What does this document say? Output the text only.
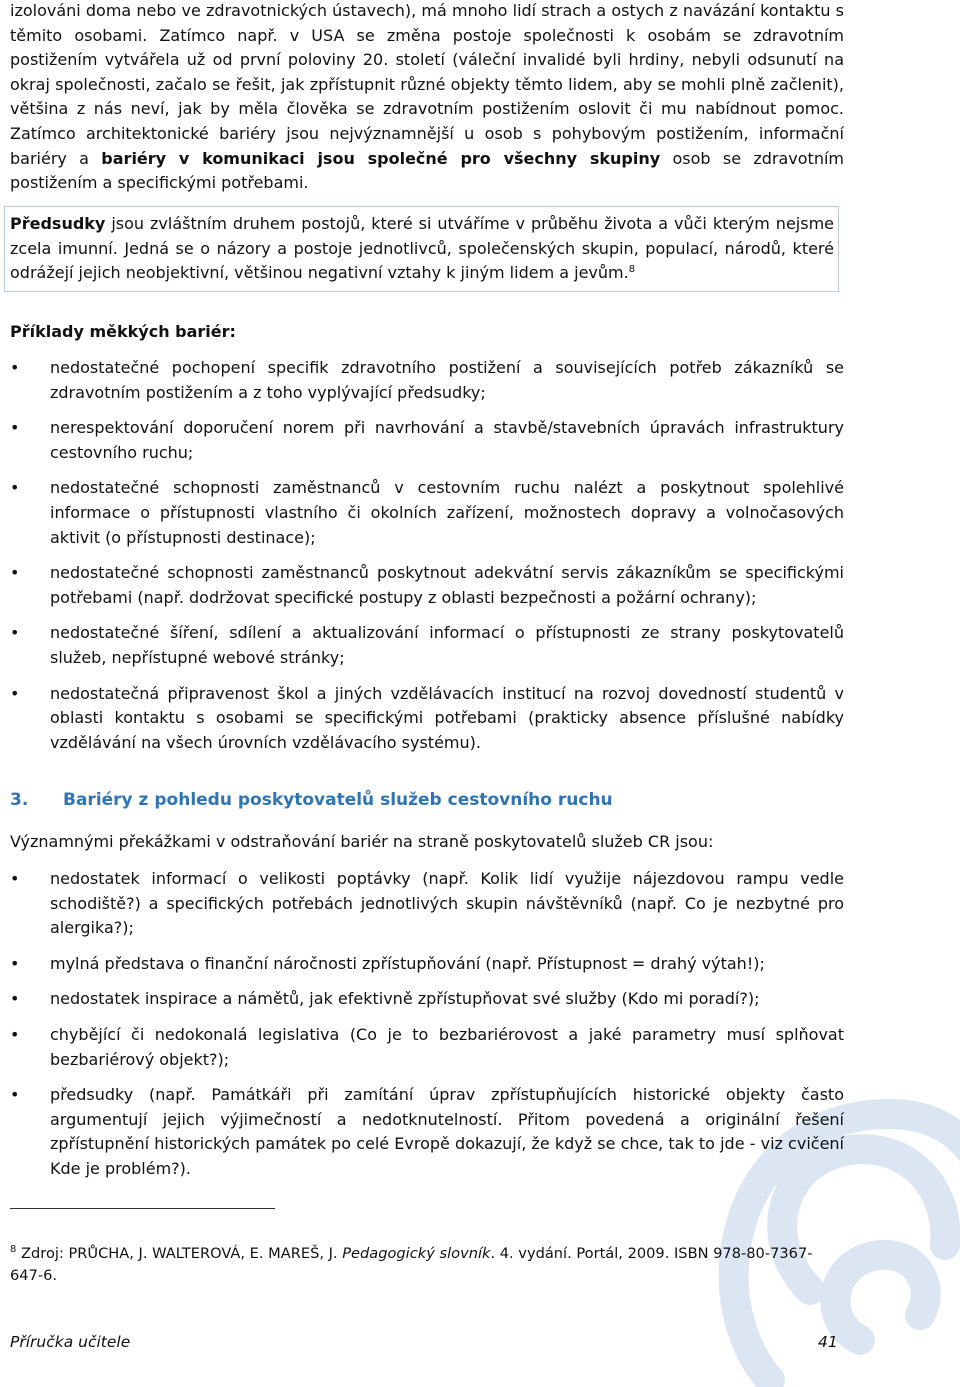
izolováni doma nebo ve zdravotnických ústavech), má mnoho lidí strach a ostych z navázání kontaktu s těmito osobami. Zatímco např. v USA se změna postoje společnosti k osobám se zdravotním postižením vytvářela už od první poloviny 20. století (váleční invalidé byli hrdiny, nebyli odsunutí na okraj společnosti, začalo se řešit, jak zpřístupnit různé objekty těmto lidem, aby se mohli plně začlenit), většina z nás neví, jak by měla člověka se zdravotním postižením oslovit či mu nabídnout pomoc. Zatímco architektonické bariéry jsou nejvýznamnější u osob s pohybovým postižením, informační bariéry a bariéry v komunikaci jsou společné pro všechny skupiny osob se zdravotním postižením a specifickými potřebami.

Předsudky jsou zvláštním druhem postojů, které si utváříme v průběhu života a vůči kterým nejsme zcela imunní. Jedná se o názory a postoje jednotlivců, společenských skupin, populací, národů, které odrážejí jejich neobjektivní, většinou negativní vztahy k jiným lidem a jevům.$^8$
Příklady měkkých bariér:
• nedostatečné pochopení specifik zdravotního postižení a souvisejících potřeb zákazníků se zdravotním postižením a z toho vyplývající předsudky;
• nerespektování doporučení norem při navrhování a stavbě/stavebních úpravách infrastruktury cestovního ruchu;
• nedostatečné schopnosti zaměstnanců v cestovním ruchu nalézt a poskytnout spolehlivé informace o přístupnosti vlastního či okolních zařízení, možnostech dopravy a volnočasových aktivit (o přístupnosti destinace);
• nedostatečné schopnosti zaměstnanců poskytnout adekvátní servis zákazníkům se specifickými potřebami (např. dodržovat specifické postupy z oblasti bezpečnosti a požární ochrany);
• nedostatečné šíření, sdílení a aktualizování informací o přístupnosti ze strany poskytovatelů služeb, nepřístupné webové stránky;
• nedostatečná připravenost škol a jiných vzdělávacích institucí na rozvoj dovedností studentů v oblasti kontaktu s osobami se specifickými potřebami (prakticky absence příslušné nabídky vzdělávání na všech úrovních vzdělávacího systému).
3. Bariéry z pohledu poskytovatelů služeb cestovního ruchu

Významnými překážkami v odstraňování bariér na straně poskytovatelů služeb CR jsou:

• nedostatek informací o velikosti poptávky (např. Kolik lidí využije nájezdovou rampu vedle schodiště?) a specifických potřebách jednotlivých skupin návštěvníků (např. Co je nezbytné pro alergika?);
• mylná představa o finanční náročnosti zpřístupňování (např. Přístupnost = drahý výtah!);
• nedostatek inspirace a námětů, jak efektivně zpřístupňovat své služby (Kdo mi poradí?);
• chybějící či nedokonalá legislativa (Co je to bezbariérovost a jaké parametry musí splňovat bezbariérový objekt?);
• předsudky (např. Památkáři při zamítání úprav zpřístupňujících historické objekty často argumentují jejich výjimečností a nedotknutelností. Přitom povedená a originální řešení zpřístupnění historických památek po celé Evropě dokazují, že když se chce, tak to jde - viz cvičení Kde je problém?).

$^8$ Zdroj: PRŮCHA, J. WALTEROVÁ, E. MAREŠ, J. Pedagogický slovník. 4. vydání. Portál, 2009. ISBN 978-80-7367-647-6.

Příručka učitele	41
